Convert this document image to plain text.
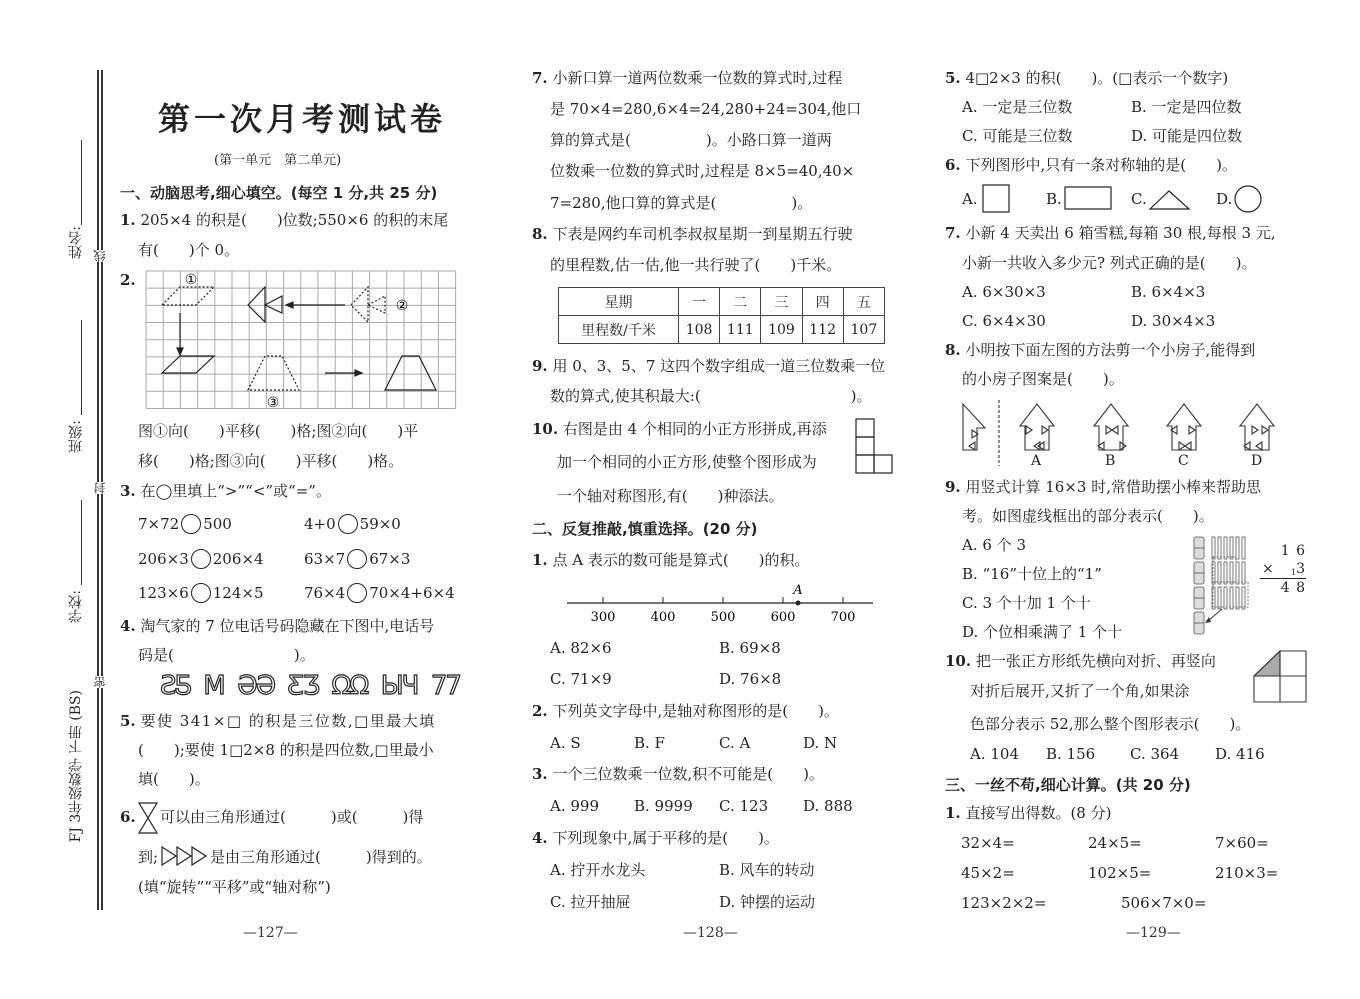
姓名:
班级:
学校:
FJ 3年级数学 下册 (BS)
线
封
密
第一次月考测试卷
(第一单元　第二单元)
一、动脑思考,细心填空。(每空 1 分,共 25 分)
1. 205×4 的积是(　　)位数;550×6 的积的末尾
有(　　)个 0。
2.	①
②
③
图①向(　　)平移(　　)格;图②向(　　)平
移(　　)格;图③向(　　)平移(　　)格。
3. 在◯里填上“>”“<”或“=”。
7×72 500	4+0 59×0
206×3 206×4	63×7 67×3
123×6 124×5	76×4 70×4+6×4
4. 淘气家的 7 位电话号码隐藏在下图中,电话号
码是(　　　　　　　　)。
ƧƼ M ƏƏ ƸƷ ΩΩ ЫЧ 77
5. 要使 341×□ 的积是三位数,□里最大填
(　　);要使 1□2×8 的积是四位数,□里最小
填(　　)。
6. 可以由三角形通过(　　　)或(　　　)得
到;	是由三角形通过(　　　)得到的。
(填“旋转”“平移”或“轴对称”)
—127—
7. 小新口算一道两位数乘一位数的算式时,过程
是 70×4=280,6×4=24,280+24=304,他口
算的算式是(　　　　　)。小路口算一道两
位数乘一位数的算式时,过程是 8×5=40,40×
7=280,他口算的算式是(　　　　　)。
8. 下表是网约车司机李叔叔星期一到星期五行驶
的里程数,估一估,他一共行驶了(　　)千米。
星期	一	二	三	四	五
里程数/千米	108	111	109	112	107
9. 用 0、3、5、7 这四个数字组成一道三位数乘一位
数的算式,使其积最大:(　　　　　　　　　　)。
10. 右图是由 4 个相同的小正方形拼成,再添
加一个相同的小正方形,使整个图形成为
一个轴对称图形,有(　　)种添法。
二、反复推敲,慎重选择。(20 分)
1. 点 A 表示的数可能是算式(　　)的积。
300	400	500	600	700
A
A. 82×6	B. 69×8
C. 71×9	D. 76×8
2. 下列英文字母中,是轴对称图形的是(　　)。
A. S	B. F	C. A	D. N
3. 一个三位数乘一位数,积不可能是(　　)。
A. 999 B. 9999 C. 123 D. 888
4. 下列现象中,属于平移的是(　　)。
A. 拧开水龙头	B. 风车的转动
C. 拉开抽屉	D. 钟摆的运动
—128—
5. 4□2×3 的积(　　)。(□表示一个数字)
A. 一定是三位数	B. 一定是四位数
C. 可能是三位数	D. 可能是四位数
6. 下列图形中,只有一条对称轴的是(　　)。
A.	B.	C.	D.
7. 小新 4 天卖出 6 箱雪糕,每箱 30 根,每根 3 元,
小新一共收入多少元? 列式正确的是(　　)。
A. 6×30×3	B. 6×4×3
C. 6×4×30	D. 30×4×3
8. 小明按下面左图的方法剪一个小房子,能得到
的小房子图案是(　　)。
A	B	C	D
9. 用竖式计算 16×3 时,常借助摆小棒来帮助思
考。如图虚线框出的部分表示(　　)。
A. 6 个 3
B. “16”十位上的“1”
C. 3 个十加 1 个十
D. 个位相乘满了 1 个十
1 6
× 1 3
4 8
10. 把一张正方形纸先横向对折、再竖向
对折后展开,又折了一个角,如果涂
色部分表示 52,那么整个图形表示(　　)。
A. 104 B. 156 C. 364 D. 416
三、一丝不苟,细心计算。(共 20 分)
1. 直接写出得数。(8 分)
32×4=	24×5=	7×60=
45×2=	102×5=	210×3=
123×2×2=	506×7×0=
—129—
